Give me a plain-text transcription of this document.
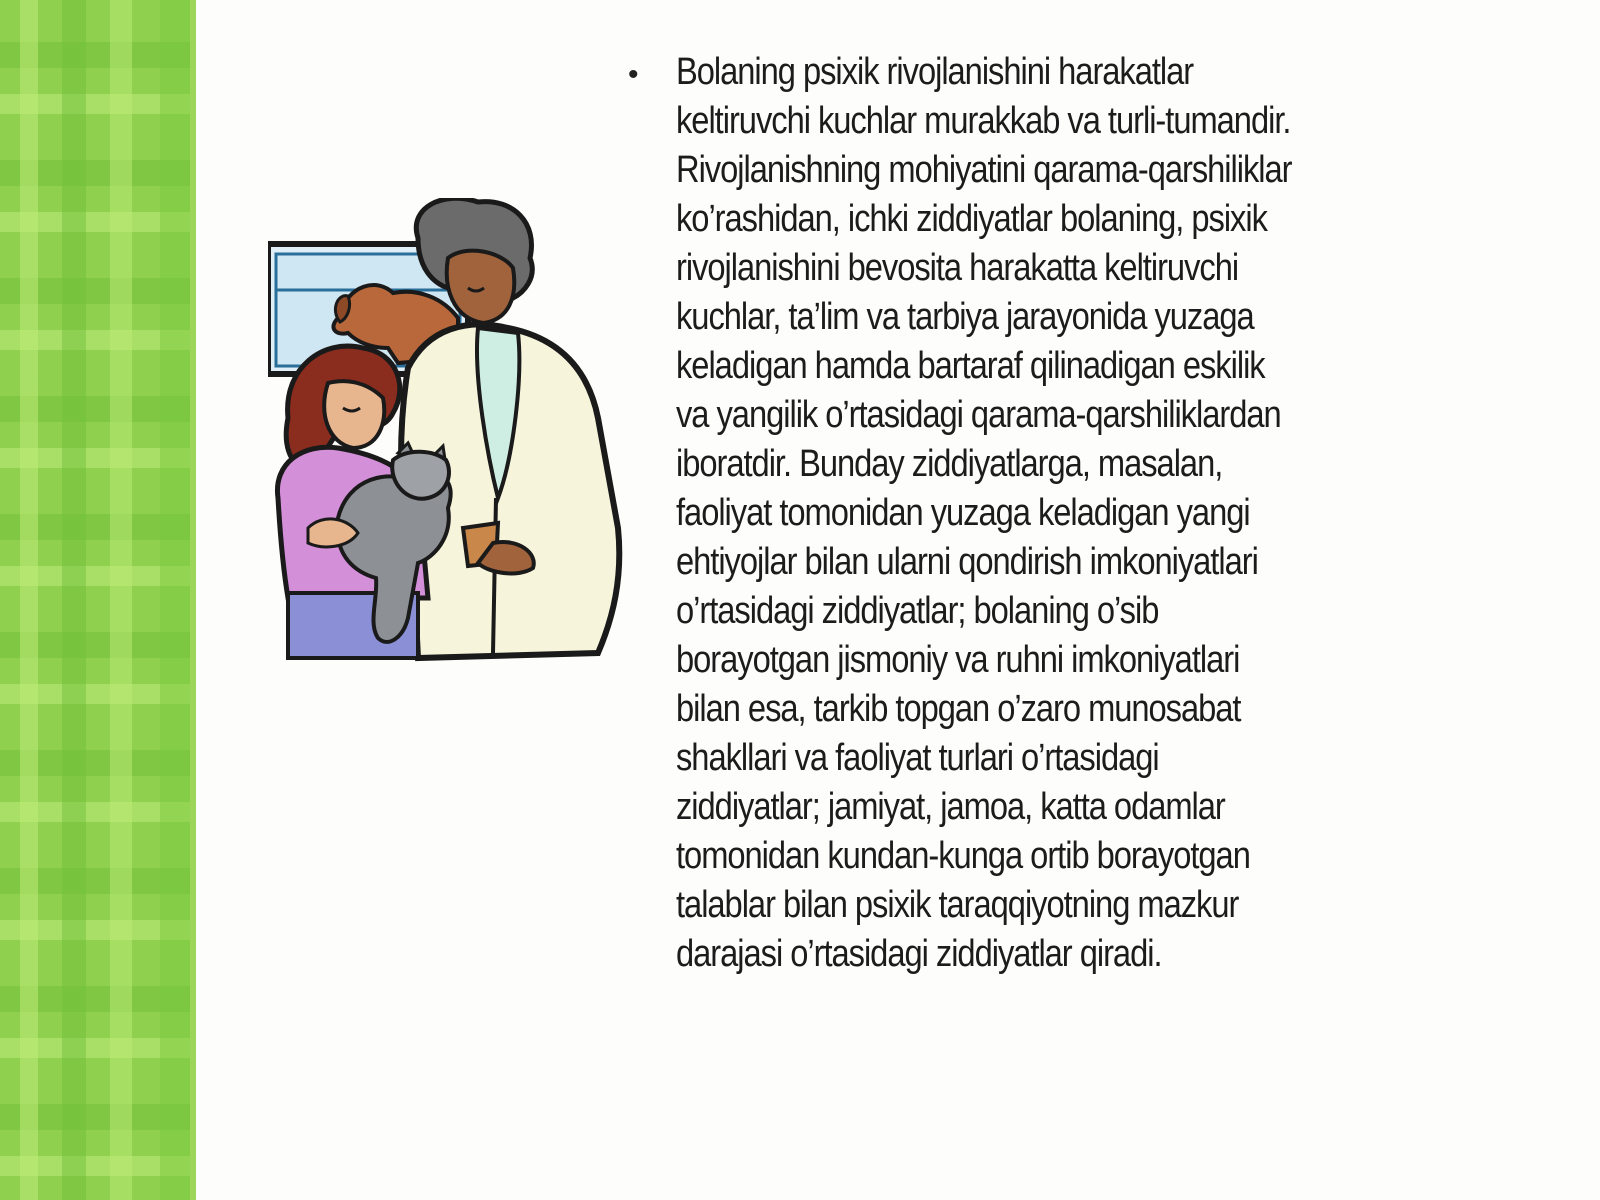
• Bolaning psixik rivojlanishini harakatlar
keltiruvchi kuchlar murakkab va turli-tumandir.
Rivojlanishning mohiyatini qarama-qarshiliklar
ko’rashidan, ichki ziddiyatlar bolaning, psixik
rivojlanishini bevosita harakatta keltiruvchi
kuchlar, ta’lim va tarbiya jarayonida yuzaga
keladigan hamda bartaraf qilinadigan eskilik
va yangilik o’rtasidagi qarama-qarshiliklardan
iboratdir. Bunday ziddiyatlarga, masalan,
faoliyat tomonidan yuzaga keladigan yangi
ehtiyojlar bilan ularni qondirish imkoniyatlari
o’rtasidagi ziddiyatlar; bolaning o’sib
borayotgan jismoniy va ruhni imkoniyatlari
bilan esa, tarkib topgan o’zaro munosabat
shakllari va faoliyat turlari o’rtasidagi
ziddiyatlar; jamiyat, jamoa, katta odamlar
tomonidan kundan-kunga ortib borayotgan
talablar bilan psixik taraqqiyotning mazkur
darajasi o’rtasidagi ziddiyatlar qiradi.
